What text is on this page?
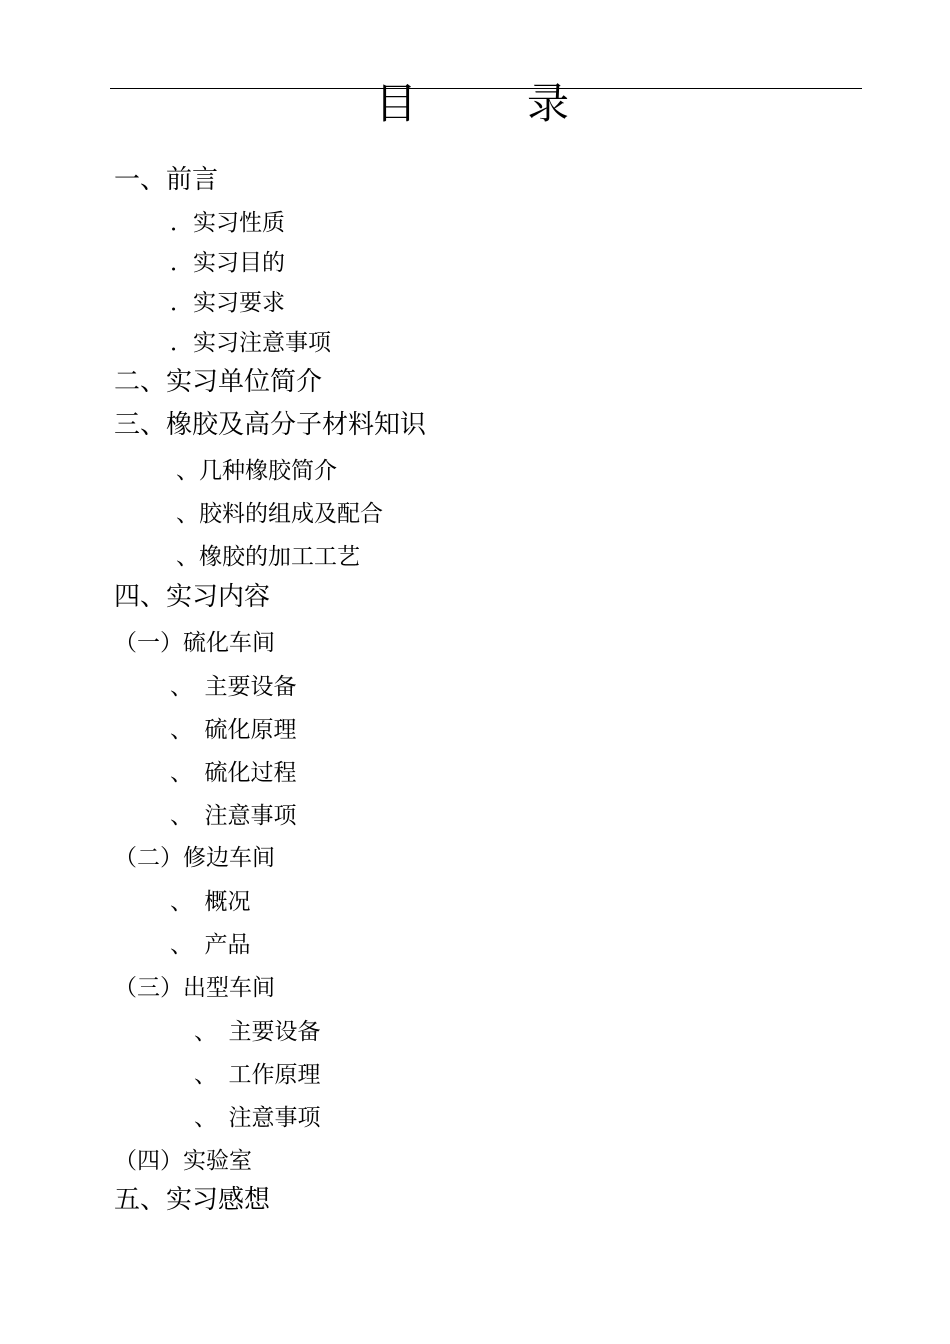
目　录
一、前言
．实习性质
．实习目的
．实习要求
．实习注意事项
二、实习单位简介
三、橡胶及高分子材料知识
、几种橡胶简介
、胶料的组成及配合
、橡胶的加工工艺
四、实习内容
（一）硫化车间
、　主要设备
、　硫化原理
、　硫化过程
、　注意事项
（二）修边车间
、　概况
、　产品
（三）出型车间
、　主要设备
、　工作原理
、　注意事项
（四）实验室
五、实习感想
